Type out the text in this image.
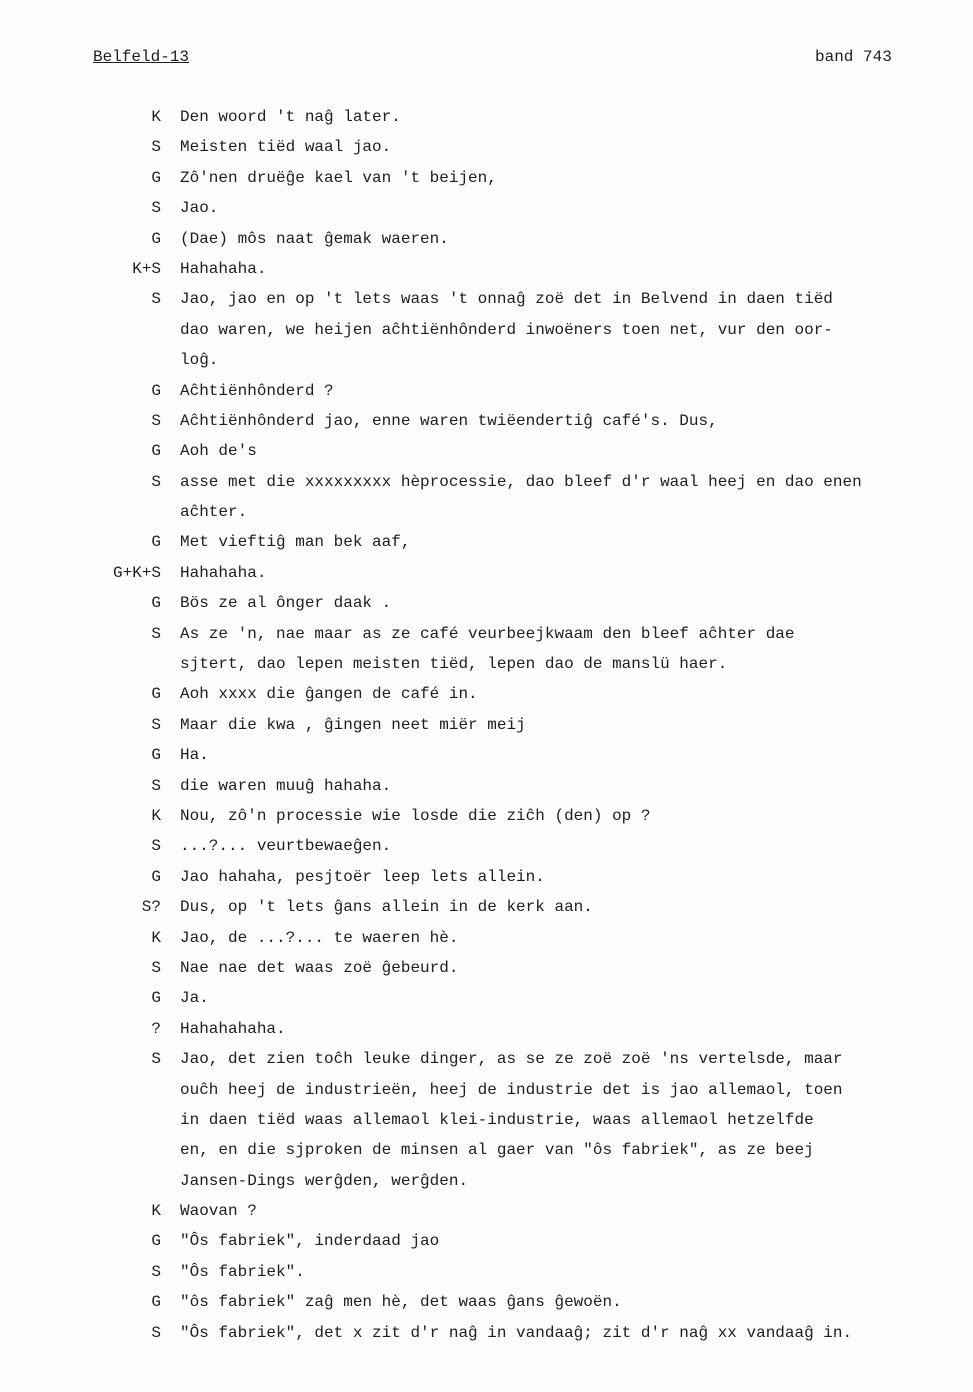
Belfeld-13	band 743
K Den woord 't naĝ later.
S Meisten tiëd waal jao.
G Zô'nen druëĝe kael van 't beijen,
S Jao.
G (Dae) môs naat ĝemak waeren.
K+S Hahahaha.
S Jao, jao en op 't lets waas 't onnaĝ zoë det in Belvend in daen tiëd
dao waren, we heijen aĉhtiënhônderd inwoëners toen net, vur den oor-
loĝ.
G Aĉhtiënhônderd ?
S Aĉhtiënhônderd jao, enne waren twiëendertiĝ café's. Dus,
G Aoh de's
S asse met die xxxxxxxxx hèprocessie, dao bleef d'r waal heej en dao enen
aĉhter.
G Met vieftiĝ man bek aaf,
G+K+S Hahahaha.
G Bös ze al ônger daak .
S As ze 'n, nae maar as ze café veurbeejkwaam den bleef aĉhter dae
sjtert, dao lepen meisten tiëd, lepen dao de manslü haer.
G Aoh xxxx die ĝangen de café in.
S Maar die kwa , ĝingen neet miër meij
G Ha.
S die waren muuĝ hahaha.
K Nou, zô'n processie wie losde die ziĉh (den) op ?
S ...?... veurtbewaeĝen.
G Jao hahaha, pesjtoër leep lets allein.
S? Dus, op 't lets ĝans allein in de kerk aan.
K Jao, de ...?... te waeren hè.
S Nae nae det waas zoë ĝebeurd.
G Ja.
? Hahahahaha.
S Jao, det zien toĉh leuke dinger, as se ze zoë zoë 'ns vertelsde, maar
ouĉh heej de industrieën, heej de industrie det is jao allemaol, toen
in daen tiëd waas allemaol klei-industrie, waas allemaol hetzelfde
en, en die sjproken de minsen al gaer van "ôs fabriek", as ze beej
Jansen-Dings werĝden, werĝden.
K Waovan ?
G "Ôs fabriek", inderdaad jao
S "Ôs fabriek".
G "ôs fabriek" zaĝ men hè, det waas ĝans ĝewoën.
S "Ôs fabriek", det x zit d'r naĝ in vandaaĝ; zit d'r naĝ xx vandaaĝ in.
